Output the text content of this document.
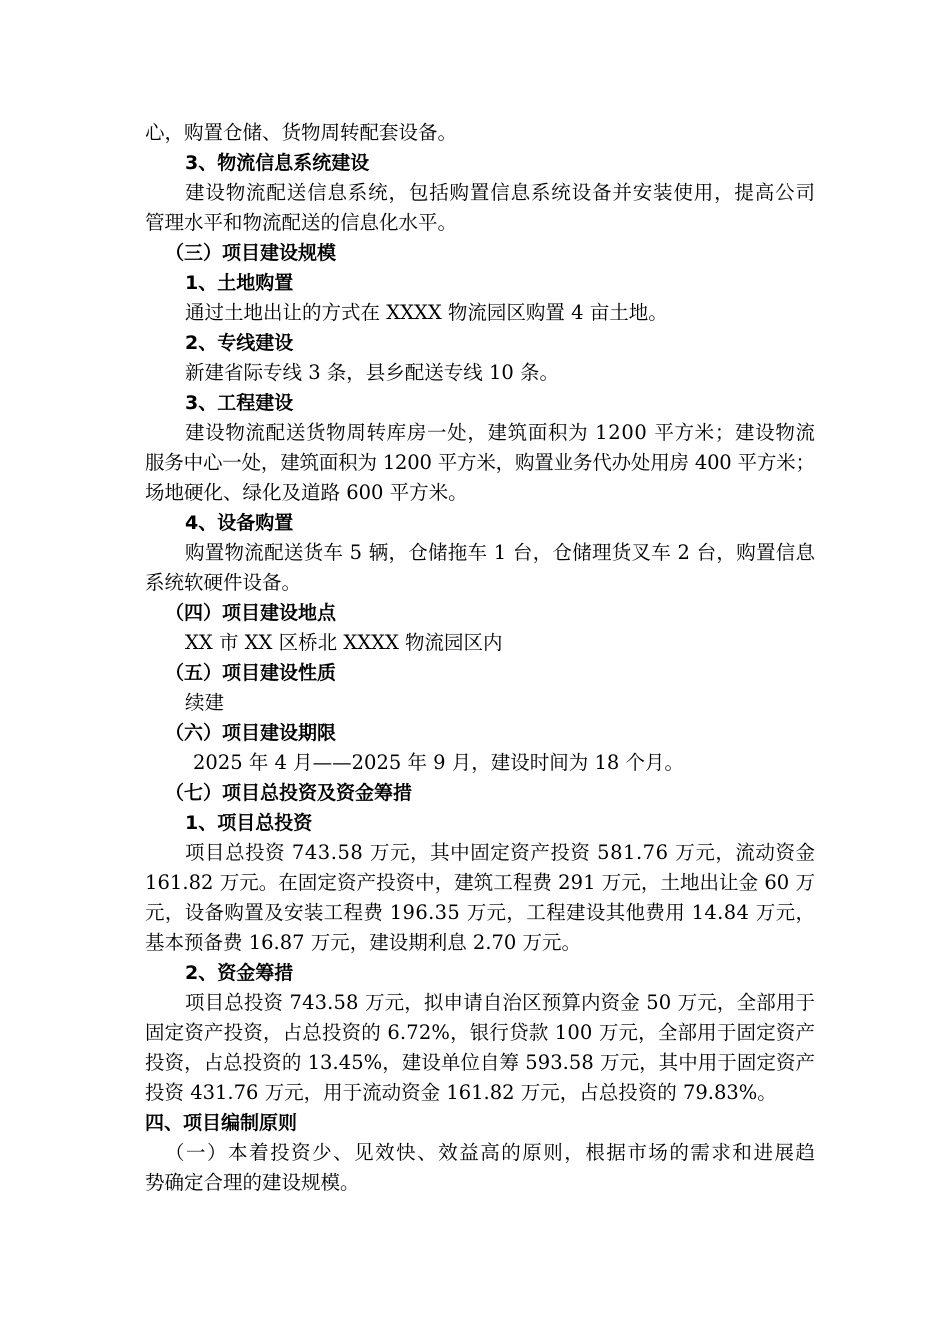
心，购置仓储、货物周转配套设备。
3、物流信息系统建设
建设物流配送信息系统，包括购置信息系统设备并安装使用，提高公司
管理水平和物流配送的信息化水平。
（三）项目建设规模
1、土地购置
通过土地出让的方式在 XXXX 物流园区购置 4 亩土地。
2、专线建设
新建省际专线 3 条，县乡配送专线 10 条。
3、工程建设
建设物流配送货物周转库房一处，建筑面积为 1200 平方米；建设物流
服务中心一处，建筑面积为 1200 平方米，购置业务代办处用房 400 平方米；
场地硬化、绿化及道路 600 平方米。
4、设备购置
购置物流配送货车 5 辆，仓储拖车 1 台，仓储理货叉车 2 台，购置信息
系统软硬件设备。
（四）项目建设地点
XX 市 XX 区桥北 XXXX 物流园区内
（五）项目建设性质
续建
（六）项目建设期限
2025 年 4 月——2025 年 9 月，建设时间为 18 个月。
（七）项目总投资及资金筹措
1、项目总投资
项目总投资 743.58 万元，其中固定资产投资 581.76 万元，流动资金
161.82 万元。在固定资产投资中，建筑工程费 291 万元，土地出让金 60 万
元，设备购置及安装工程费 196.35 万元，工程建设其他费用 14.84 万元，
基本预备费 16.87 万元，建设期利息 2.70 万元。
2、资金筹措
项目总投资 743.58 万元，拟申请自治区预算内资金 50 万元，全部用于
固定资产投资，占总投资的 6.72%，银行贷款 100 万元，全部用于固定资产
投资，占总投资的 13.45%，建设单位自筹 593.58 万元，其中用于固定资产
投资 431.76 万元，用于流动资金 161.82 万元，占总投资的 79.83%。
四、项目编制原则
（一）本着投资少、见效快、效益高的原则，根据市场的需求和进展趋
势确定合理的建设规模。
